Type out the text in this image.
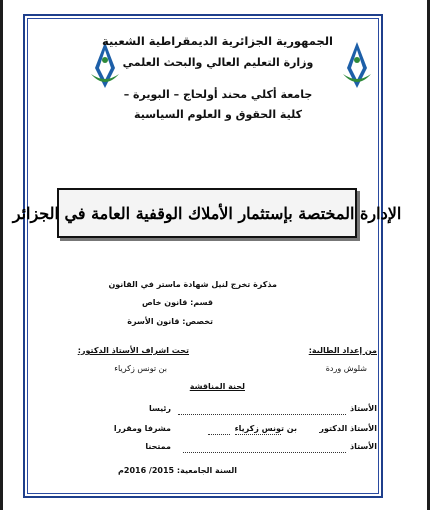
الجمهورية الجزائرية الديمقراطية الشعبية
وزارة التعليم العالي والبحث العلمي
جامعة أكلي محند أولحاج – البويرة –
كلية الحقوق و العلوم السياسية
الإدارة المختصة بإستثمار الأملاك الوقفية العامة في الجزائر
مذكرة تخرج لنيل شهادة ماستر في القانون
قسم: قانون خاص
تخصص: قانون الأسرة
من إعداد الطالبة:
شلوش وردة
تحت اشراف الأستاذ الدكتور:
بن تونس زكرياء
لجنة المناقشة
الأستاذ
رئيسا
الأستاذ الدكتور
بن تونس زكرياء
مشرفا ومقررا
الأستاذ
ممتحنا
السنة الجامعية: 2015/ 2016م
